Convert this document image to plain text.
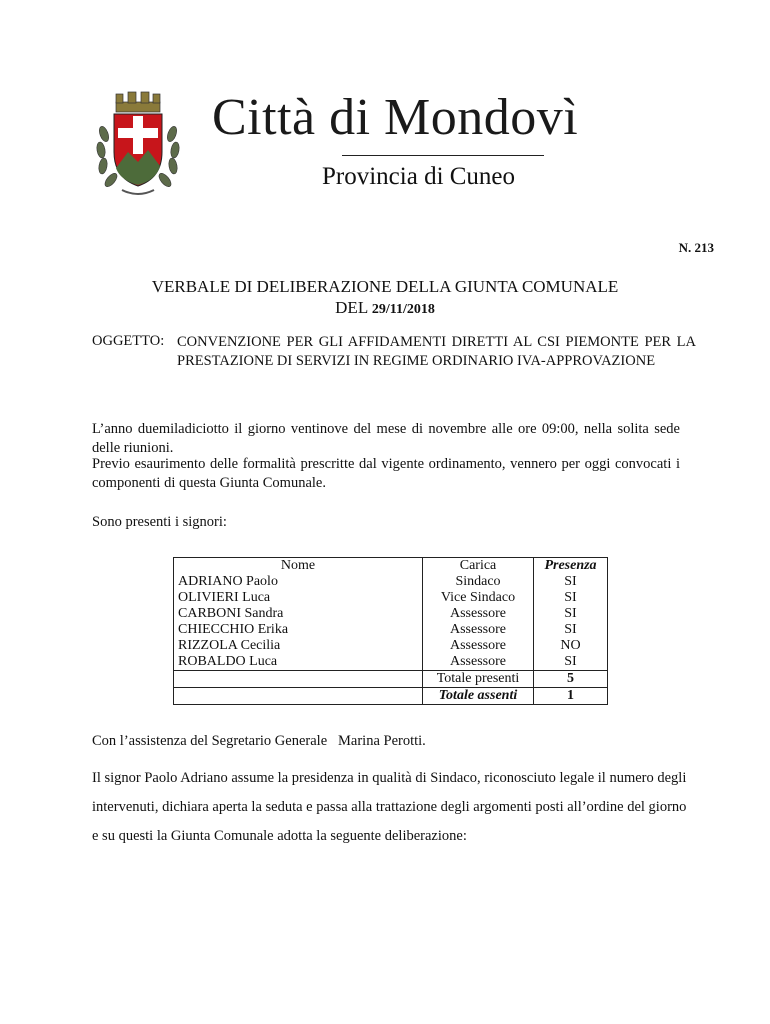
Città di Mondovì
Provincia di Cuneo
N. 213
VERBALE DI DELIBERAZIONE DELLA GIUNTA COMUNALE
DEL 29/11/2018
OGGETTO: CONVENZIONE PER GLI AFFIDAMENTI DIRETTI AL CSI PIEMONTE PER LA PRESTAZIONE DI SERVIZI IN REGIME ORDINARIO IVA-APPROVAZIONE
L’anno duemiladiciotto il giorno ventinove del mese di novembre alle ore 09:00, nella solita sede delle riunioni.
Previo esaurimento delle formalità prescritte dal vigente ordinamento, vennero per oggi convocati i componenti di questa Giunta Comunale.
Sono presenti i signori:
Nome	Carica	Presenza
ADRIANO Paolo	Sindaco	SI
OLIVIERI Luca	Vice Sindaco	SI
CARBONI Sandra	Assessore	SI
CHIECCHIO Erika	Assessore	SI
RIZZOLA Cecilia	Assessore	NO
ROBALDO Luca	Assessore	SI
	Totale presenti	5
	Totale assenti	1
Con l’assistenza del Segretario Generale   Marina Perotti.
Il signor Paolo Adriano assume la presidenza in qualità di Sindaco, riconosciuto legale il numero degli intervenuti, dichiara aperta la seduta e passa alla trattazione degli argomenti posti all’ordine del giorno e su questi la Giunta Comunale adotta la seguente deliberazione:
